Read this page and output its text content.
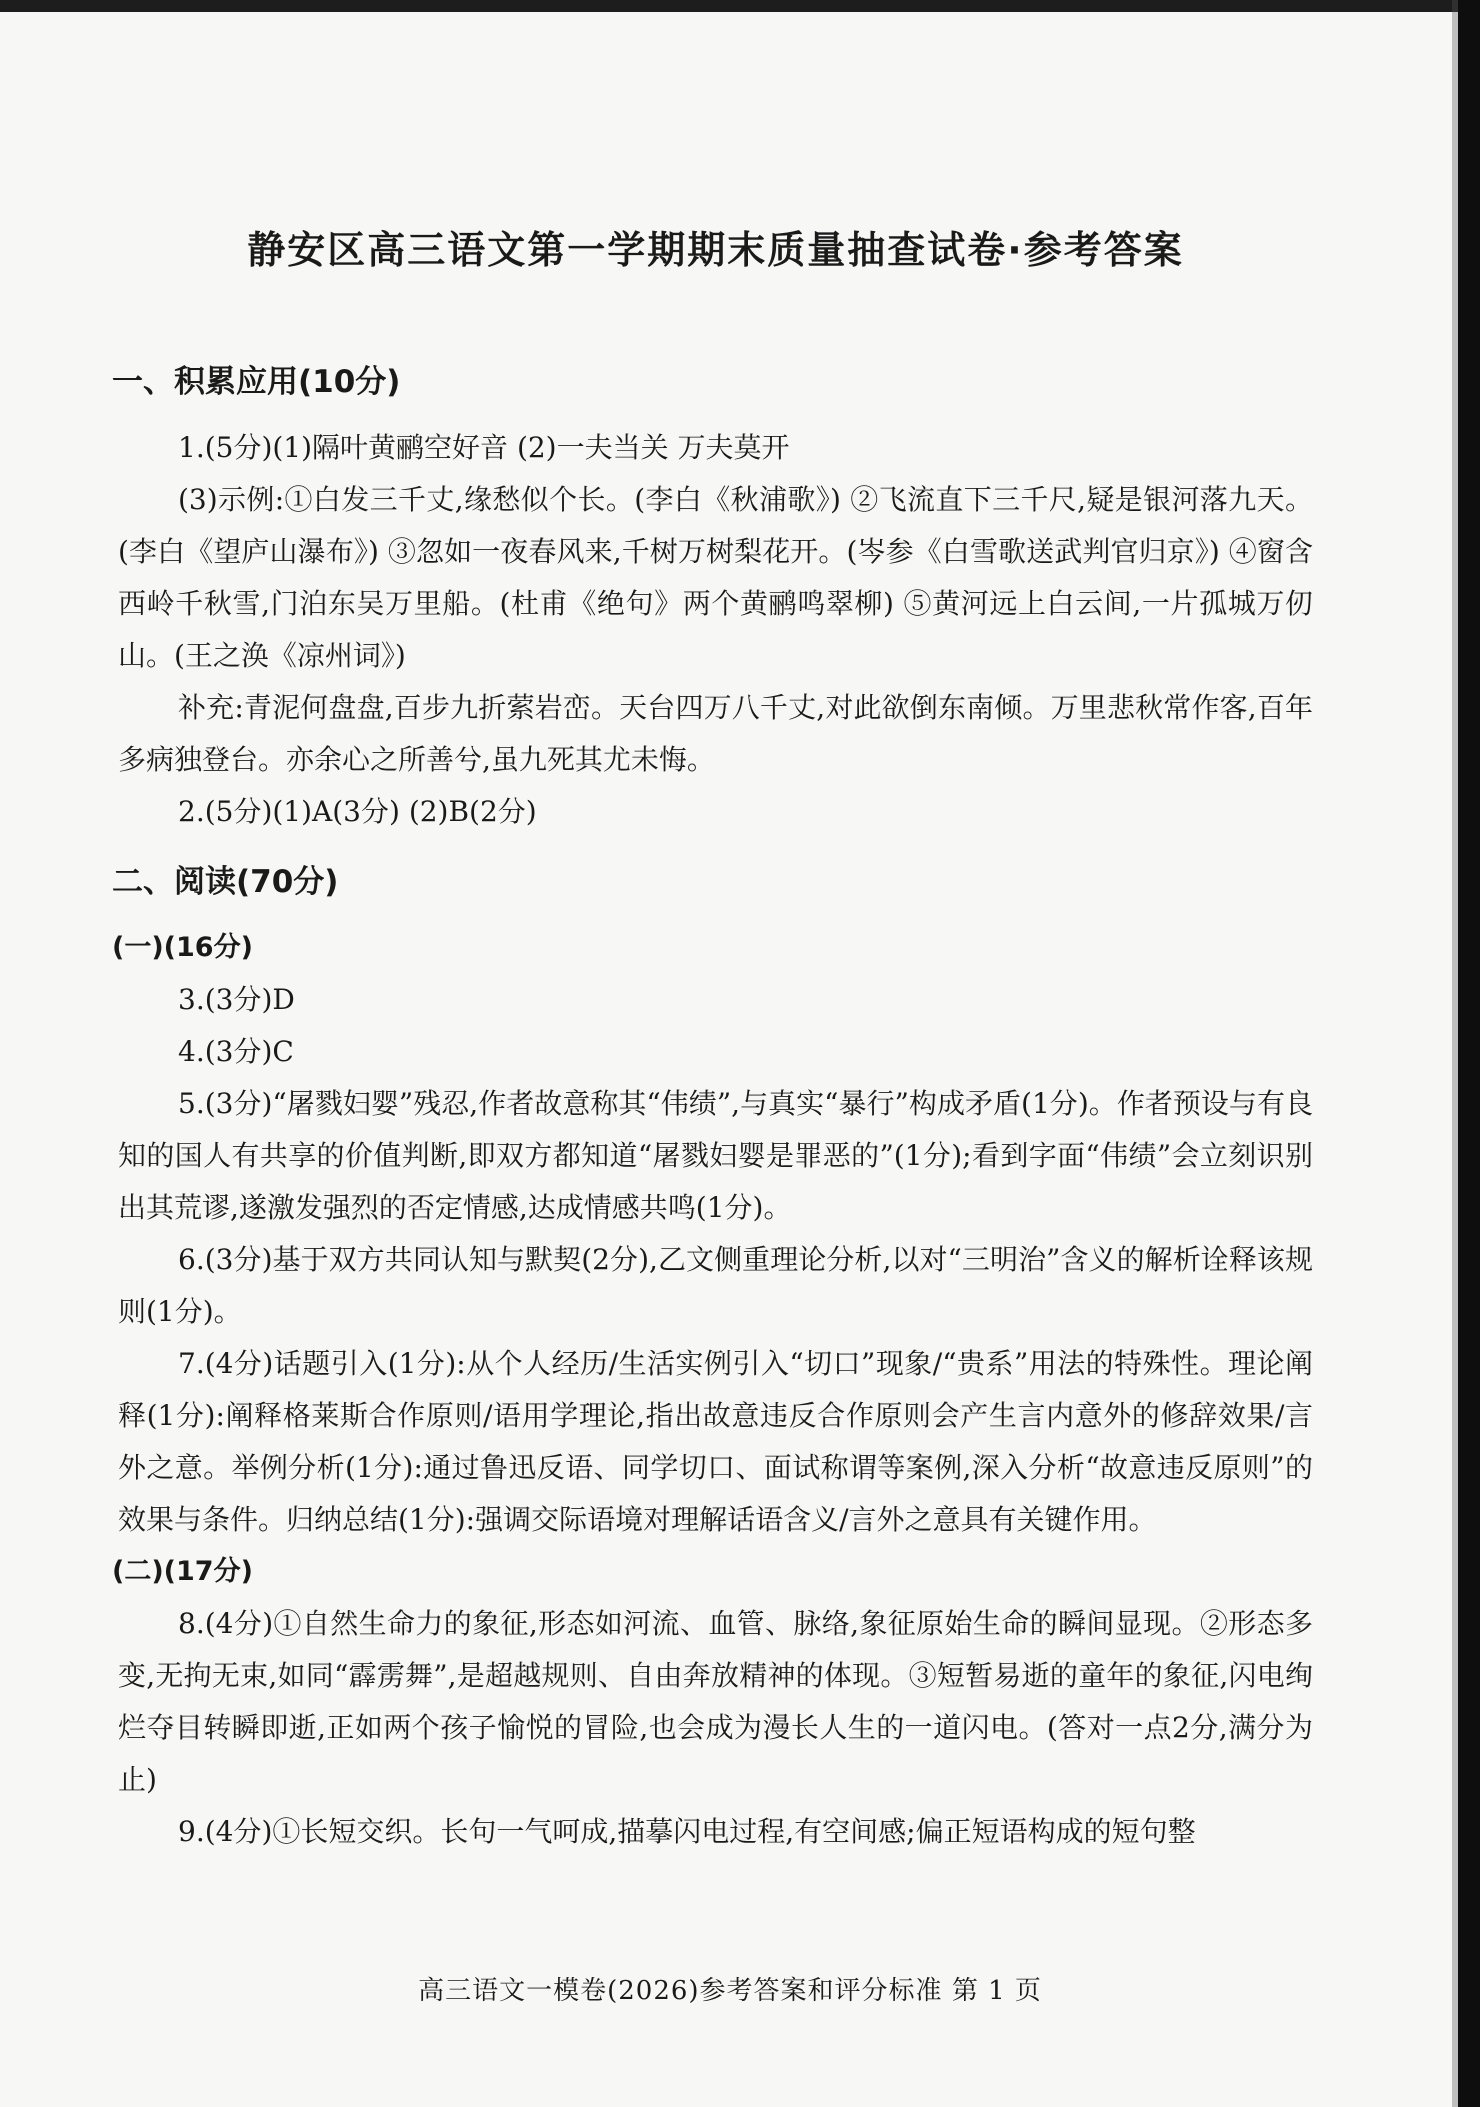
静安区高三语文第一学期期末质量抽查试卷·参考答案
一、积累应用(10分)

1.(5分)(1)隔叶黄鹂空好音 (2)一夫当关 万夫莫开

(3)示例:①白发三千丈,缘愁似个长。(李白《秋浦歌》) ②飞流直下三千尺,疑是银河落九天。(李白《望庐山瀑布》) ③忽如一夜春风来,千树万树梨花开。(岑参《白雪歌送武判官归京》) ④窗含西岭千秋雪,门泊东吴万里船。(杜甫《绝句》两个黄鹂鸣翠柳) ⑤黄河远上白云间,一片孤城万仞山。(王之涣《凉州词》)

补充:青泥何盘盘,百步九折萦岩峦。天台四万八千丈,对此欲倒东南倾。万里悲秋常作客,百年多病独登台。亦余心之所善兮,虽九死其尤未悔。

2.(5分)(1)A(3分) (2)B(2分)

二、阅读(70分)
(一)(16分)

3.(3分)D

4.(3分)C

5.(3分)“屠戮妇婴”残忍,作者故意称其“伟绩”,与真实“暴行”构成矛盾(1分)。作者预设与有良知的国人有共享的价值判断,即双方都知道“屠戮妇婴是罪恶的”(1分);看到字面“伟绩”会立刻识别出其荒谬,遂激发强烈的否定情感,达成情感共鸣(1分)。

6.(3分)基于双方共同认知与默契(2分),乙文侧重理论分析,以对“三明治”含义的解析诠释该规则(1分)。

7.(4分)话题引入(1分):从个人经历/生活实例引入“切口”现象/“贵系”用法的特殊性。理论阐释(1分):阐释格莱斯合作原则/语用学理论,指出故意违反合作原则会产生言内意外的修辞效果/言外之意。举例分析(1分):通过鲁迅反语、同学切口、面试称谓等案例,深入分析“故意违反原则”的效果与条件。归纳总结(1分):强调交际语境对理解话语含义/言外之意具有关键作用。

(二)(17分)

8.(4分)①自然生命力的象征,形态如河流、血管、脉络,象征原始生命的瞬间显现。②形态多变,无拘无束,如同“霹雳舞”,是超越规则、自由奔放精神的体现。③短暂易逝的童年的象征,闪电绚烂夺目转瞬即逝,正如两个孩子愉悦的冒险,也会成为漫长人生的一道闪电。(答对一点2分,满分为止)

9.(4分)①长短交织。长句一气呵成,描摹闪电过程,有空间感;偏正短语构成的短句整

高三语文一模卷(2026)参考答案和评分标准 第 1 页
